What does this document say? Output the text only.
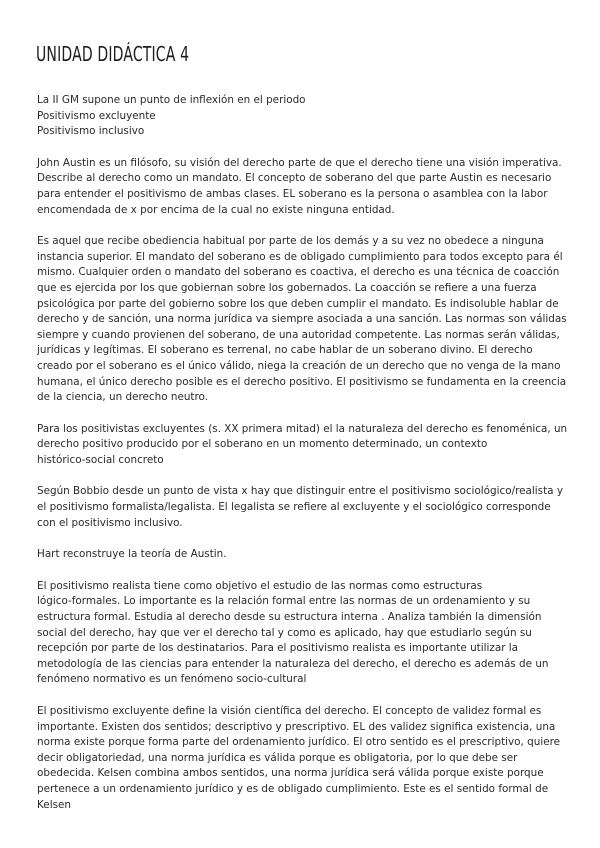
UNIDAD DIDÁCTICA 4
La II GM supone un punto de inflexión en el periodo
Positivismo excluyente
Positivismo inclusivo
John Austin es un filósofo, su visión del derecho parte de que el derecho tiene una visión imperativa.
Describe al derecho como un mandato. El concepto de soberano del que parte Austin es necesario
para entender el positivismo de ambas clases. EL soberano es la persona o asamblea con la labor
encomendada de x por encima de la cual no existe ninguna entidad.
Es aquel que recibe obediencia habitual por parte de los demás y a su vez no obedece a ninguna
instancia superior. El mandato del soberano es de obligado cumplimiento para todos excepto para él
mismo. Cualquier orden o mandato del soberano es coactiva, el derecho es una técnica de coacción
que es ejercida por los que gobiernan sobre los gobernados. La coacción se refiere a una fuerza
psicológica por parte del gobierno sobre los que deben cumplir el mandato. Es indisoluble hablar de
derecho y de sanción, una norma jurídica va siempre asociada a una sanción. Las normas son válidas
siempre y cuando provienen del soberano, de una autoridad competente. Las normas serán válidas,
jurídicas y legítimas. El soberano es terrenal, no cabe hablar de un soberano divino. El derecho
creado por el soberano es el único válido, niega la creación de un derecho que no venga de la mano
humana, el único derecho posible es el derecho positivo. El positivismo se fundamenta en la creencia
de la ciencia, un derecho neutro.
Para los positivistas excluyentes (s. XX primera mitad) el la naturaleza del derecho es fenoménica, un
derecho positivo producido por el soberano en un momento determinado, un contexto
histórico-social concreto
Según Bobbio desde un punto de vista x hay que distinguir entre el positivismo sociológico/realista y
el positivismo formalista/legalista. El legalista se refiere al excluyente y el sociológico corresponde
con el positivismo inclusivo.
Hart reconstruye la teoría de Austin.
El positivismo realista tiene como objetivo el estudio de las normas como estructuras
lógico-formales. Lo importante es la relación formal entre las normas de un ordenamiento y su
estructura formal. Estudia al derecho desde su estructura interna . Analiza también la dimensión
social del derecho, hay que ver el derecho tal y como es aplicado, hay que estudiarlo según su
recepción por parte de los destinatarios. Para el positivismo realista es importante utilizar la
metodología de las ciencias para entender la naturaleza del derecho, el derecho es además de un
fenómeno normativo es un fenómeno socio-cultural
El positivismo excluyente define la visión científica del derecho. El concepto de validez formal es
importante. Existen dos sentidos; descriptivo y prescriptivo. EL des validez significa existencia, una
norma existe porque forma parte del ordenamiento jurídico. El otro sentido es el prescriptivo, quiere
decir obligatoriedad, una norma jurídica es válida porque es obligatoria, por lo que debe ser
obedecida. Kelsen combina ambos sentidos, una norma jurídica será válida porque existe porque
pertenece a un ordenamiento jurídico y es de obligado cumplimiento. Este es el sentido formal de
Kelsen
